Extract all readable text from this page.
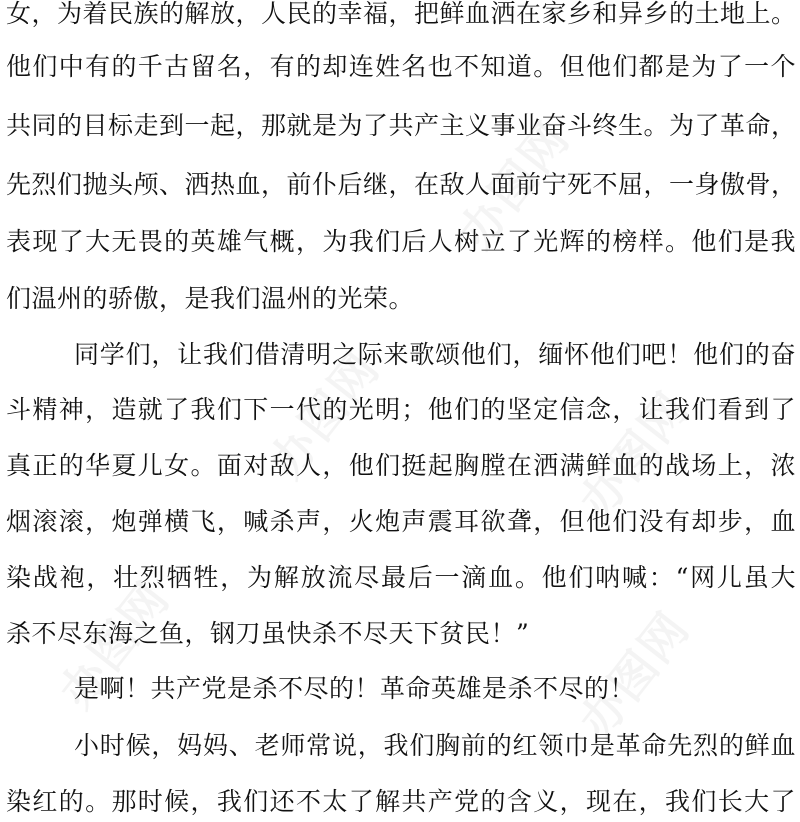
女，为着民族的解放，人民的幸福，把鲜血洒在家乡和异乡的土地上。
他们中有的千古留名，有的却连姓名也不知道。但他们都是为了一个
共同的目标走到一起，那就是为了共产主义事业奋斗终生。为了革命，
先烈们抛头颅、洒热血，前仆后继，在敌人面前宁死不屈，一身傲骨，
表现了大无畏的英雄气概，为我们后人树立了光辉的榜样。他们是我
们温州的骄傲，是我们温州的光荣。
同学们，让我们借清明之际来歌颂他们，缅怀他们吧！他们的奋
斗精神，造就了我们下一代的光明；他们的坚定信念，让我们看到了
真正的华夏儿女。面对敌人，他们挺起胸膛在洒满鲜血的战场上，浓
烟滚滚，炮弹横飞，喊杀声，火炮声震耳欲聋，但他们没有却步，血
染战袍，壮烈牺牲，为解放流尽最后一滴血。他们呐喊：“网儿虽大
杀不尽东海之鱼，钢刀虽快杀不尽天下贫民！”
是啊！共产党是杀不尽的！革命英雄是杀不尽的！
小时候，妈妈、老师常说，我们胸前的红领巾是革命先烈的鲜血
染红的。那时候，我们还不太了解共产党的含义，现在，我们长大了
